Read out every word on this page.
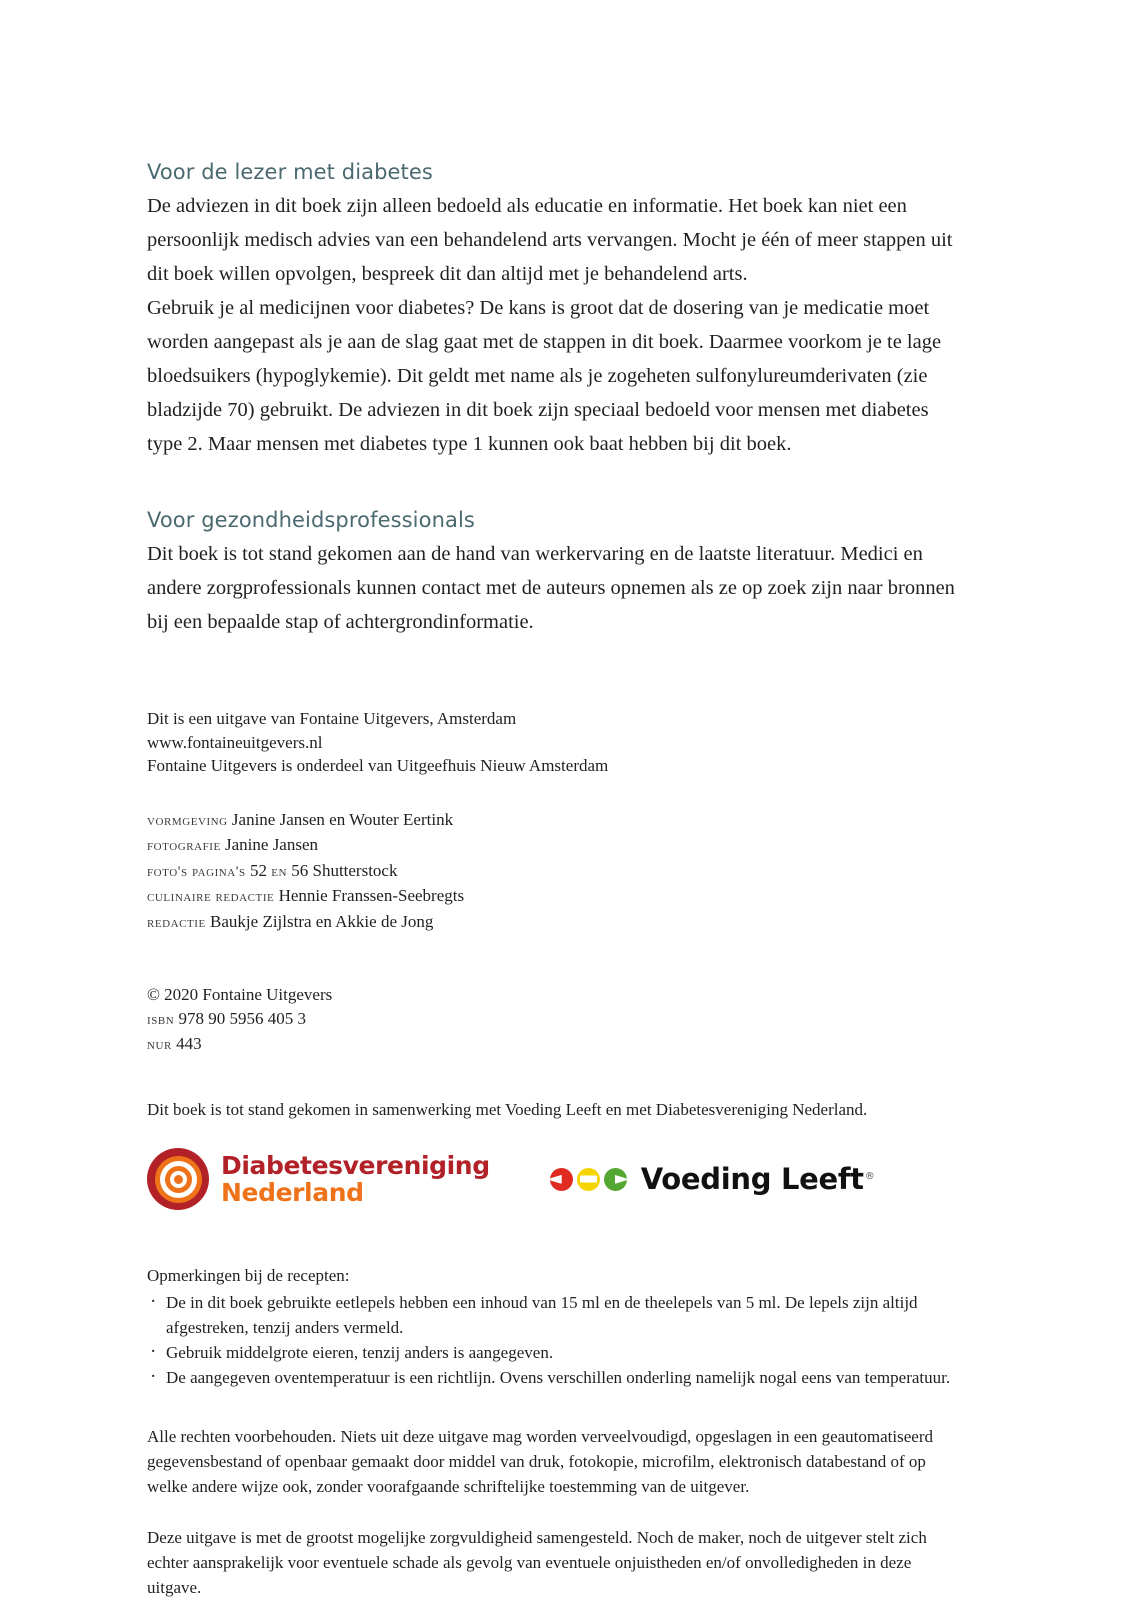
Voor de lezer met diabetes

De adviezen in dit boek zijn alleen bedoeld als educatie en informatie. Het boek kan niet een persoonlijk medisch advies van een behandelend arts vervangen. Mocht je één of meer stappen uit dit boek willen opvolgen, bespreek dit dan altijd met je behandelend arts.

Gebruik je al medicijnen voor diabetes? De kans is groot dat de dosering van je medicatie moet worden aangepast als je aan de slag gaat met de stappen in dit boek. Daarmee voorkom je te lage bloedsuikers (hypoglykemie). Dit geldt met name als je zogeheten sulfonylureumderivaten (zie bladzijde 70) gebruikt. De adviezen in dit boek zijn speciaal bedoeld voor mensen met diabetes type 2. Maar mensen met diabetes type 1 kunnen ook baat hebben bij dit boek.

Voor gezondheidsprofessionals

Dit boek is tot stand gekomen aan de hand van werkervaring en de laatste literatuur. Medici en andere zorgprofessionals kunnen contact met de auteurs opnemen als ze op zoek zijn naar bronnen bij een bepaalde stap of achtergrondinformatie.

Dit is een uitgave van Fontaine Uitgevers, Amsterdam
www.fontaineuitgevers.nl
Fontaine Uitgevers is onderdeel van Uitgeefhuis Nieuw Amsterdam
vormgeving Janine Jansen en Wouter Eertink
fotografie Janine Jansen
foto's pagina's 52 en 56 Shutterstock
culinaire redactie Hennie Franssen-Seebregts
redactie Baukje Zijlstra en Akkie de Jong
© 2020 Fontaine Uitgevers
isbn 978 90 5956 405 3
nur 443
Dit boek is tot stand gekomen in samenwerking met Voeding Leeft en met Diabetesvereniging Nederland.
Diabetesvereniging
Nederland	Voeding Leeft®

Opmerkingen bij de recepten:

· De in dit boek gebruikte eetlepels hebben een inhoud van 15 ml en de theelepels van 5 ml. De lepels zijn altijd afgestreken, tenzij anders vermeld.
· Gebruik middelgrote eieren, tenzij anders is aangegeven.
· De aangegeven oventemperatuur is een richtlijn. Ovens verschillen onderling namelijk nogal eens van temperatuur.

Alle rechten voorbehouden. Niets uit deze uitgave mag worden verveelvoudigd, opgeslagen in een geautomatiseerd gegevensbestand of openbaar gemaakt door middel van druk, fotokopie, microfilm, elektronisch databestand of op welke andere wijze ook, zonder voorafgaande schriftelijke toestemming van de uitgever.

Deze uitgave is met de grootst mogelijke zorgvuldigheid samengesteld. Noch de maker, noch de uitgever stelt zich echter aansprakelijk voor eventuele schade als gevolg van eventuele onjuistheden en/of onvolledigheden in deze uitgave.
